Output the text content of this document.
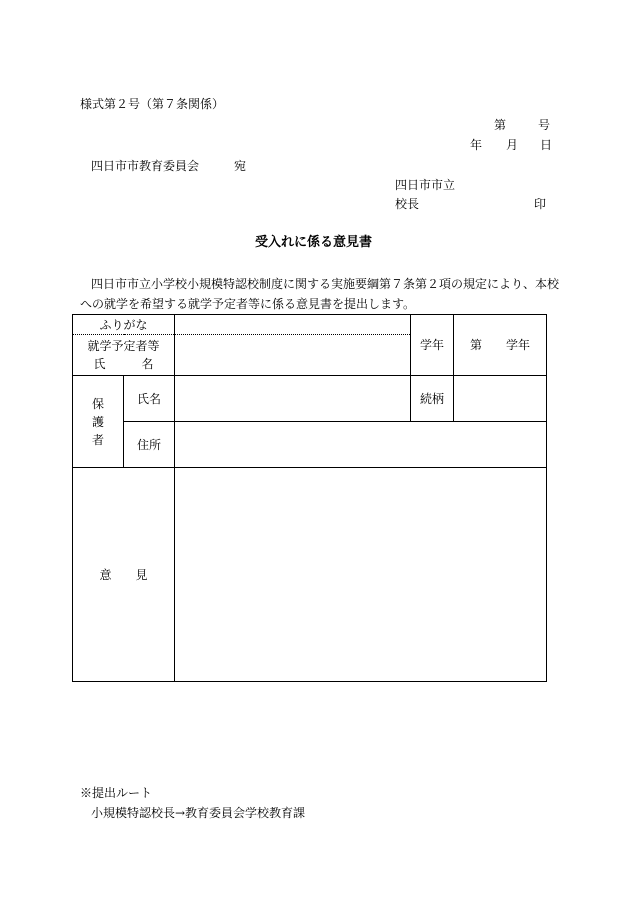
様式第２号（第７条関係）
第	号
年 月 日
四日市市教育委員会	宛
四日市市立
校長	印
受入れに係る意見書
四日市市立小学校小規模特認校制度に関する実施要綱第７条第２項の規定により、本校
への就学を希望する就学予定者等に係る意見書を提出します。
ふりがな			学年	第　　 学年

就学予定者等
氏　　　名				

保
護
者	氏名		続柄	
	住所			
意　　見				
※提出ルート
小規模特認校長→教育委員会学校教育課
